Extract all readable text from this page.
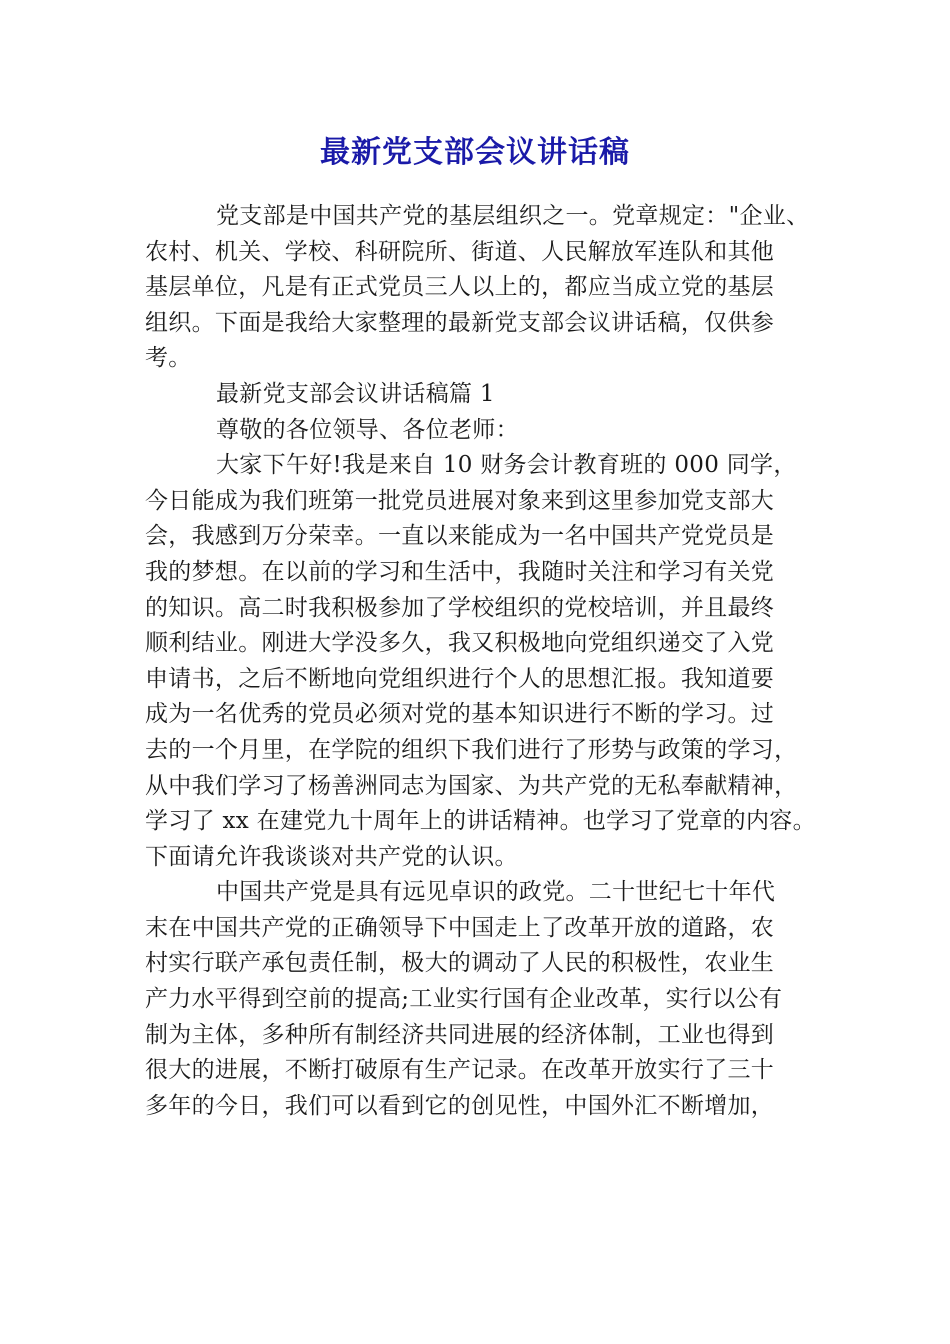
最新党支部会议讲话稿
党支部是中国共产党的基层组织之一。党章规定："企业、
农村、机关、学校、科研院所、街道、人民解放军连队和其他
基层单位，凡是有正式党员三人以上的，都应当成立党的基层
组织。下面是我给大家整理的最新党支部会议讲话稿，仅供参
考。
最新党支部会议讲话稿篇 1
尊敬的各位领导、各位老师：
大家下午好!我是来自 10 财务会计教育班的 000 同学，
今日能成为我们班第一批党员进展对象来到这里参加党支部大
会，我感到万分荣幸。一直以来能成为一名中国共产党党员是
我的梦想。在以前的学习和生活中，我随时关注和学习有关党
的知识。高二时我积极参加了学校组织的党校培训，并且最终
顺利结业。刚进大学没多久，我又积极地向党组织递交了入党
申请书，之后不断地向党组织进行个人的思想汇报。我知道要
成为一名优秀的党员必须对党的基本知识进行不断的学习。过
去的一个月里，在学院的组织下我们进行了形势与政策的学习，
从中我们学习了杨善洲同志为国家、为共产党的无私奉献精神，
学习了 xx 在建党九十周年上的讲话精神。也学习了党章的内容。
下面请允许我谈谈对共产党的认识。
中国共产党是具有远见卓识的政党。二十世纪七十年代
末在中国共产党的正确领导下中国走上了改革开放的道路，农
村实行联产承包责任制，极大的调动了人民的积极性，农业生
产力水平得到空前的提高;工业实行国有企业改革，实行以公有
制为主体，多种所有制经济共同进展的经济体制，工业也得到
很大的进展，不断打破原有生产记录。在改革开放实行了三十
多年的今日，我们可以看到它的创见性，中国外汇不断增加，
